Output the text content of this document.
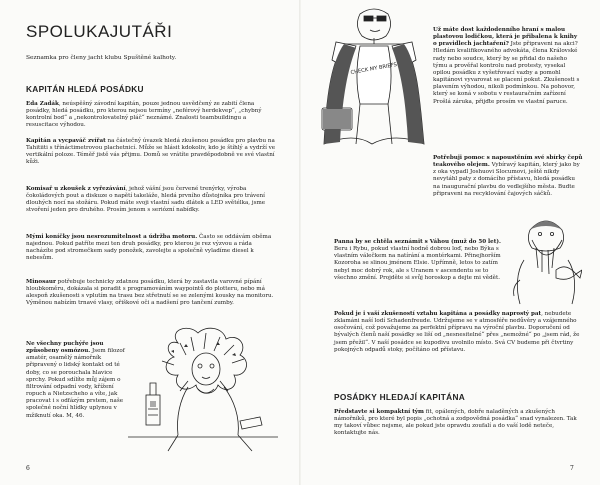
SPOLUKAJUTÁŘI
Seznamka pro členy jacht klubu Spuštěné kalhoty.
KAPITÁN HLEDÁ POSÁDKU

Eda Zadák, neúspěšný závodní kapitán, pouze jednou usvědčený ze zabití člena posádky, hledá posádku, pro kterou nejsou termíny „neférový herdekvep“, „chybný kontrolní bod“ a „nekontrolovatelný pláč“ neznámé. Znalosti teambuildingu a resuscitace výhodou.

Kapitán a vycpaváč zvířat na částečný úvazek hledá zkušenou posádku pro plavbu na Tahitiiti s třínáctimetrovou plachetnicí. Může se hlásit kdokoliv, kdo je štíhlý a vydrží ve vertikální poloze. Téměř jistě vás přijmu. Domů se vrátíte pravděpodobně ve své vlastní kůži.

Komisař u zkoušek z vyřezávání, jehož vášní jsou červené trenýrky, výroba čokoládových pout a diskuze o napětí takeláže, hledá prvního důstojníka pro trávení dlouhých nocí na stožáru. Pokud máte svoji vlastní sadu dlátek a LED světélka, jsme stvoření jeden pro druhého. Prosím jenom s seriózní nabídky.

Mými koníčky jsou nesrozumitelnost a údržba motoru. Často se oddávám oběma najednou. Pokud patříte mezi ten druh posádky, pro kterou je rez výzvou a ráda nacházíte pod stromečkem sady ponožek, zavolejte a společně vyladíme diesel k nebesům.

Minosaur potřebuje technicky zdatnou posádku, která by zastavila varovné pípání hloubkoměru, dokázala si poradit s programováním waypointů do plotteru, nebo má alespoň zkušenosti s vplutím na trasu bez střetnutí se se zelenými kousky na monitoru. Výměnou nabízím trnavé vlasy, ořiškové oči a nadšení pro tančení zumby.

Ne všechny puchýře jsou způsobeny osmózou. Jsem filozof amatér, osamělý námořník připravený o lidský kontakt od té doby, co se porouchala hlavice sprchy. Pokud sdílíte můj zájem o filtrování odpadní vody, křížení ropuch a Nietzscheho a víte, jak pracovat i s odfázým prstem, naše společné noční hlídky uplynou v mžiknutí oka. M, 46.

6
CHECK MY BRIEFS

Už máte dost každodenního hraní s malou plastovou lodičkou, která je přibalena k knihy o pravidlech jachtaření? Jste připraveni na akci? Hledám kvalifikovaného advokáta, člena Královské rady nebo soudce, který by se přidal do našeho týmu a prověřal kontrolu nad protesty, vysekal opilou posádku z vyšetřovací vazby a pomohl kapitánovi vyvarovat se placení pokut. Zkušenosti s plavením výhodou, nikoli podmínkou. Na pohovor, který se koná v sobotu v restauračním zařízení Prošlá záruka, přijďte prosím ve vlastní paruce.

Potřebuji pomoc s napoustěním své sbírky čepů teakového olejem. Vybíravý kapitán, který jako by z oka vypadl Joshuovi Slocumovi, ještě nikdy nevytáhl paty z domácího přístavu, hledá posádku na inaugurační plavbu do vedlejšího města. Budte připraveni na recyklování čajových sáčků.

Panna by se chtěla seznámit s Váhou (muž do 50 let). Beru i Rybu, pokud vlastní hodně dobrou loď, nebo Býka s vlastním válečkem na natírání a montérkami. Přinejhorším Kozoroha se slinou jménem Elsie. Upřímně, letos to zatím nebyl moc dobrý rok, ale s Uranem v ascendentu se to všechno změní. Projděte si svůj horoskop a dejte mi vědět.

Pokud je i vaší zkušeností vztahu kapitána a posádky naprostý pat, nebudete zklamáni naší lodí Schadenfreude. Udržujeme se v atmosféře nedůvěry a vzájemného osočování, což považujeme za perfektní přípravu na výroční plavbu. Doporučení od bývalých členů naší posádky se liší od „nesnesitelné“ přes „nemožné“ po „jsem rád, že jsem přežil“. V naší posádce se kupodivu uvolnilo místo. Svá CV budeme při čtvrtiny pokojných odpadů stoky, počítáno od přístavu.

POSÁDKY HLEDAJÍ KAPITÁNA

Představte si kompaktní tým fit, opálených, dobře naladěných a zkušených námořníků, pro které byl popis „ochotná a zodpovědná posádka“ snad vynalezen. Tak my takoví vůbec nejsme, ale pokud jste opravdu zoufalí a do vaší lodě neteče, kontaktujte nás.

7
